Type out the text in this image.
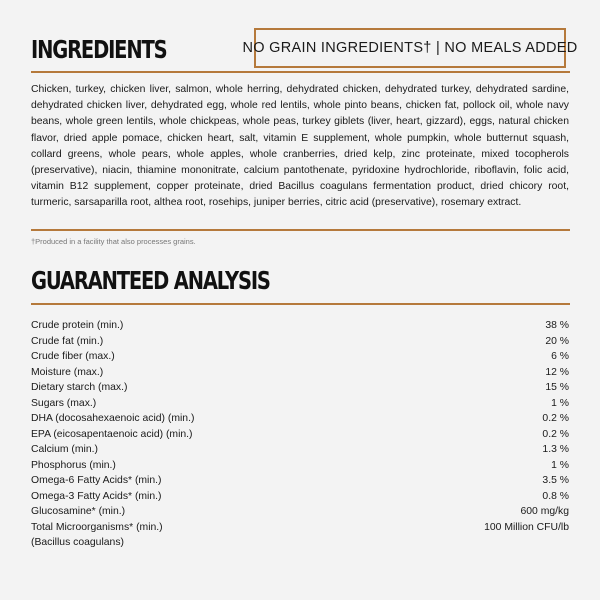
INGREDIENTS	NO GRAIN INGREDIENTS† | NO MEALS ADDED
Chicken, turkey, chicken liver, salmon, whole herring, dehydrated chicken, dehydrated turkey, dehydrated sardine, dehydrated chicken liver, dehydrated egg, whole red lentils, whole pinto beans, chicken fat, pollock oil, whole navy beans, whole green lentils, whole chickpeas, whole peas, turkey giblets (liver, heart, gizzard), eggs, natural chicken flavor, dried apple pomace, chicken heart, salt, vitamin E supplement, whole pumpkin, whole butternut squash, collard greens, whole pears, whole apples, whole cranberries, dried kelp, zinc proteinate, mixed tocopherols (preservative), niacin, thiamine mononitrate, calcium pantothenate, pyridoxine hydrochloride, riboflavin, folic acid, vitamin B12 supplement, copper proteinate, dried Bacillus coagulans fermentation product, dried chicory root, turmeric, sarsaparilla root, althea root, rosehips, juniper berries, citric acid (preservative), rosemary extract.
†Produced in a facility that also processes grains.
GUARANTEED ANALYSIS
Crude protein (min.)	38 %
Crude fat (min.)	20 %
Crude fiber (max.)	6 %
Moisture (max.)	12 %
Dietary starch (max.)	15 %
Sugars (max.)	1 %
DHA (docosahexaenoic acid) (min.)	0.2 %
EPA (eicosapentaenoic acid) (min.)	0.2 %
Calcium (min.)	1.3 %
Phosphorus (min.)	1 %
Omega-6 Fatty Acids* (min.)	3.5 %
Omega-3 Fatty Acids* (min.)	0.8 %
Glucosamine* (min.)	600 mg/kg
Total Microorganisms* (min.)	100 Million CFU/lb
(Bacillus coagulans)
